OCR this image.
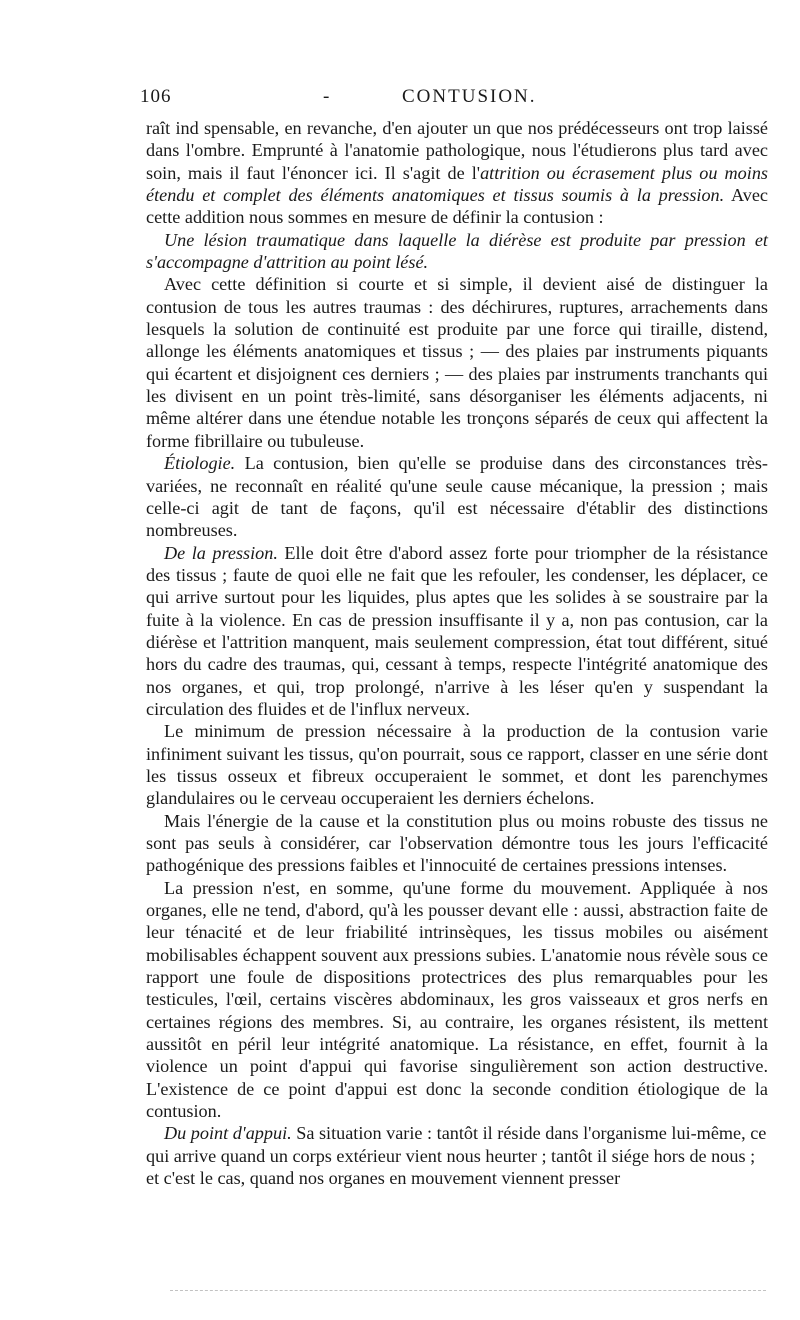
106	-	CONTUSION.

raît ind spensable, en revanche, d'en ajouter un que nos prédécesseurs ont trop laissé dans l'ombre. Emprunté à l'anatomie pathologique, nous l'étudierons plus tard avec soin, mais il faut l'énoncer ici. Il s'agit de l'attrition ou écrasement plus ou moins étendu et complet des éléments anatomiques et tissus soumis à la pression. Avec cette addition nous sommes en mesure de définir la contusion :

Une lésion traumatique dans laquelle la diérèse est produite par pression et s'accompagne d'attrition au point lésé.

Avec cette définition si courte et si simple, il devient aisé de distinguer la contusion de tous les autres traumas : des déchirures, ruptures, arrachements dans lesquels la solution de continuité est produite par une force qui tiraille, distend, allonge les éléments anatomiques et tissus ; — des plaies par instruments piquants qui écartent et disjoignent ces derniers ; — des plaies par instruments tranchants qui les divisent en un point très-limité, sans désorganiser les éléments adjacents, ni même altérer dans une étendue notable les tronçons séparés de ceux qui affectent la forme fibrillaire ou tubuleuse.

Étiologie. La contusion, bien qu'elle se produise dans des circonstances très-variées, ne reconnaît en réalité qu'une seule cause mécanique, la pression ; mais celle-ci agit de tant de façons, qu'il est nécessaire d'établir des distinctions nombreuses.

De la pression. Elle doit être d'abord assez forte pour triompher de la résistance des tissus ; faute de quoi elle ne fait que les refouler, les condenser, les déplacer, ce qui arrive surtout pour les liquides, plus aptes que les solides à se soustraire par la fuite à la violence. En cas de pression insuffisante il y a, non pas contusion, car la diérèse et l'attrition manquent, mais seulement compression, état tout différent, situé hors du cadre des traumas, qui, cessant à temps, respecte l'intégrité anatomique des nos organes, et qui, trop prolongé, n'arrive à les léser qu'en y suspendant la circulation des fluides et de l'influx nerveux.

Le minimum de pression nécessaire à la production de la contusion varie infiniment suivant les tissus, qu'on pourrait, sous ce rapport, classer en une série dont les tissus osseux et fibreux occuperaient le sommet, et dont les parenchymes glandulaires ou le cerveau occuperaient les derniers échelons.

Mais l'énergie de la cause et la constitution plus ou moins robuste des tissus ne sont pas seuls à considérer, car l'observation démontre tous les jours l'efficacité pathogénique des pressions faibles et l'innocuité de certaines pressions intenses.

La pression n'est, en somme, qu'une forme du mouvement. Appliquée à nos organes, elle ne tend, d'abord, qu'à les pousser devant elle : aussi, abstraction faite de leur ténacité et de leur friabilité intrinsèques, les tissus mobiles ou aisément mobilisables échappent souvent aux pressions subies. L'anatomie nous révèle sous ce rapport une foule de dispositions protectrices des plus remarquables pour les testicules, l'œil, certains viscères abdominaux, les gros vaisseaux et gros nerfs en certaines régions des membres. Si, au contraire, les organes résistent, ils mettent aussitôt en péril leur intégrité anatomique. La résistance, en effet, fournit à la violence un point d'appui qui favorise singulièrement son action destructive. L'existence de ce point d'appui est donc la seconde condition étiologique de la contusion.

Du point d'appui. Sa situation varie : tantôt il réside dans l'organisme lui-même, ce qui arrive quand un corps extérieur vient nous heurter ; tantôt il siége hors de nous ; et c'est le cas, quand nos organes en mouvement viennent presser
